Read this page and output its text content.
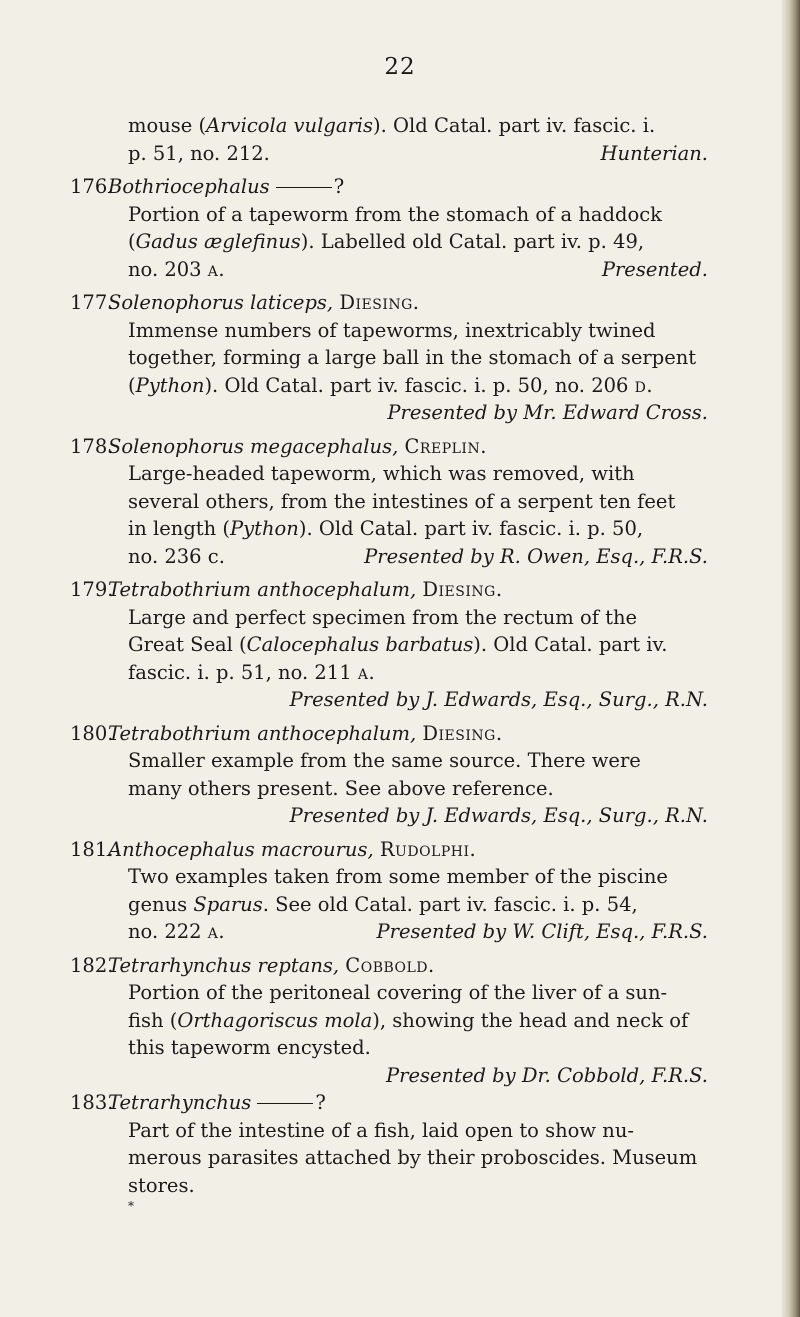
22
mouse (Arvicola vulgaris). Old Catal. part iv. fascic. i.
p. 51, no. 212.	Hunterian.
176.
Bothriocephalus	?
Portion of a tapeworm from the stomach of a haddock
(Gadus æglefinus). Labelled old Catal. part iv. p. 49,
no. 203 a.	Presented.
177.
Solenophorus laticeps, Diesing.
Immense numbers of tapeworms, inextricably twined
together, forming a large ball in the stomach of a serpent
(Python). Old Catal. part iv. fascic. i. p. 50, no. 206 d.
Presented by Mr. Edward Cross.
178.
Solenophorus megacephalus, Creplin.
Large-headed tapeworm, which was removed, with
several others, from the intestines of a serpent ten feet
in length (Python). Old Catal. part iv. fascic. i. p. 50,
no. 236 c.	Presented by R. Owen, Esq., F.R.S.
179.
Tetrabothrium anthocephalum, Diesing.
Large and perfect specimen from the rectum of the
Great Seal (Calocephalus barbatus). Old Catal. part iv.
fascic. i. p. 51, no. 211 a.
Presented by J. Edwards, Esq., Surg., R.N.
180.
Tetrabothrium anthocephalum, Diesing.
Smaller example from the same source. There were
many others present. See above reference.
Presented by J. Edwards, Esq., Surg., R.N.
181.
Anthocephalus macrourus, Rudolphi.
Two examples taken from some member of the piscine
genus Sparus. See old Catal. part iv. fascic. i. p. 54,
no. 222 a.	Presented by W. Clift, Esq., F.R.S.
182.
Tetrarhynchus reptans, Cobbold.
Portion of the peritoneal covering of the liver of a sun-
fish (Orthagoriscus mola), showing the head and neck of
this tapeworm encysted.
Presented by Dr. Cobbold, F.R.S.
183.
Tetrarhynchus	?
Part of the intestine of a fish, laid open to show nu-
merous parasites attached by their proboscides. Museum
stores.
*
